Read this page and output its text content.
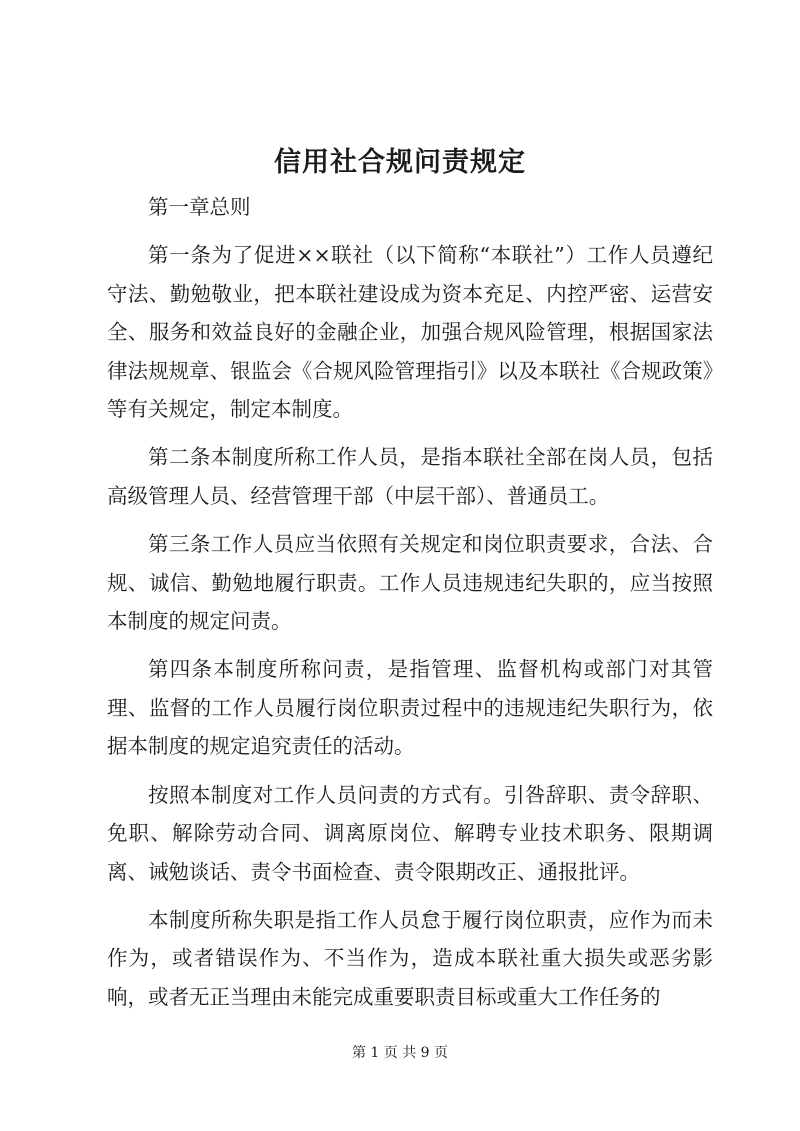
信用社合规问责规定

第一章总则

第一条为了促进××联社（以下简称“本联社”）工作人员遵纪守法、勤勉敬业，把本联社建设成为资本充足、内控严密、运营安全、服务和效益良好的金融企业，加强合规风险管理，根据国家法律法规规章、银监会《合规风险管理指引》以及本联社《合规政策》等有关规定，制定本制度。

第二条本制度所称工作人员，是指本联社全部在岗人员，包括高级管理人员、经营管理干部（中层干部）、普通员工。

第三条工作人员应当依照有关规定和岗位职责要求，合法、合规、诚信、勤勉地履行职责。工作人员违规违纪失职的，应当按照本制度的规定问责。

第四条本制度所称问责，是指管理、监督机构或部门对其管理、监督的工作人员履行岗位职责过程中的违规违纪失职行为，依据本制度的规定追究责任的活动。

按照本制度对工作人员问责的方式有。引咎辞职、责令辞职、免职、解除劳动合同、调离原岗位、解聘专业技术职务、限期调离、诫勉谈话、责令书面检查、责令限期改正、通报批评。

本制度所称失职是指工作人员怠于履行岗位职责，应作为而未作为，或者错误作为、不当作为，造成本联社重大损失或恶劣影响，或者无正当理由未能完成重要职责目标或重大工作任务的

第 1 页 共 9 页
